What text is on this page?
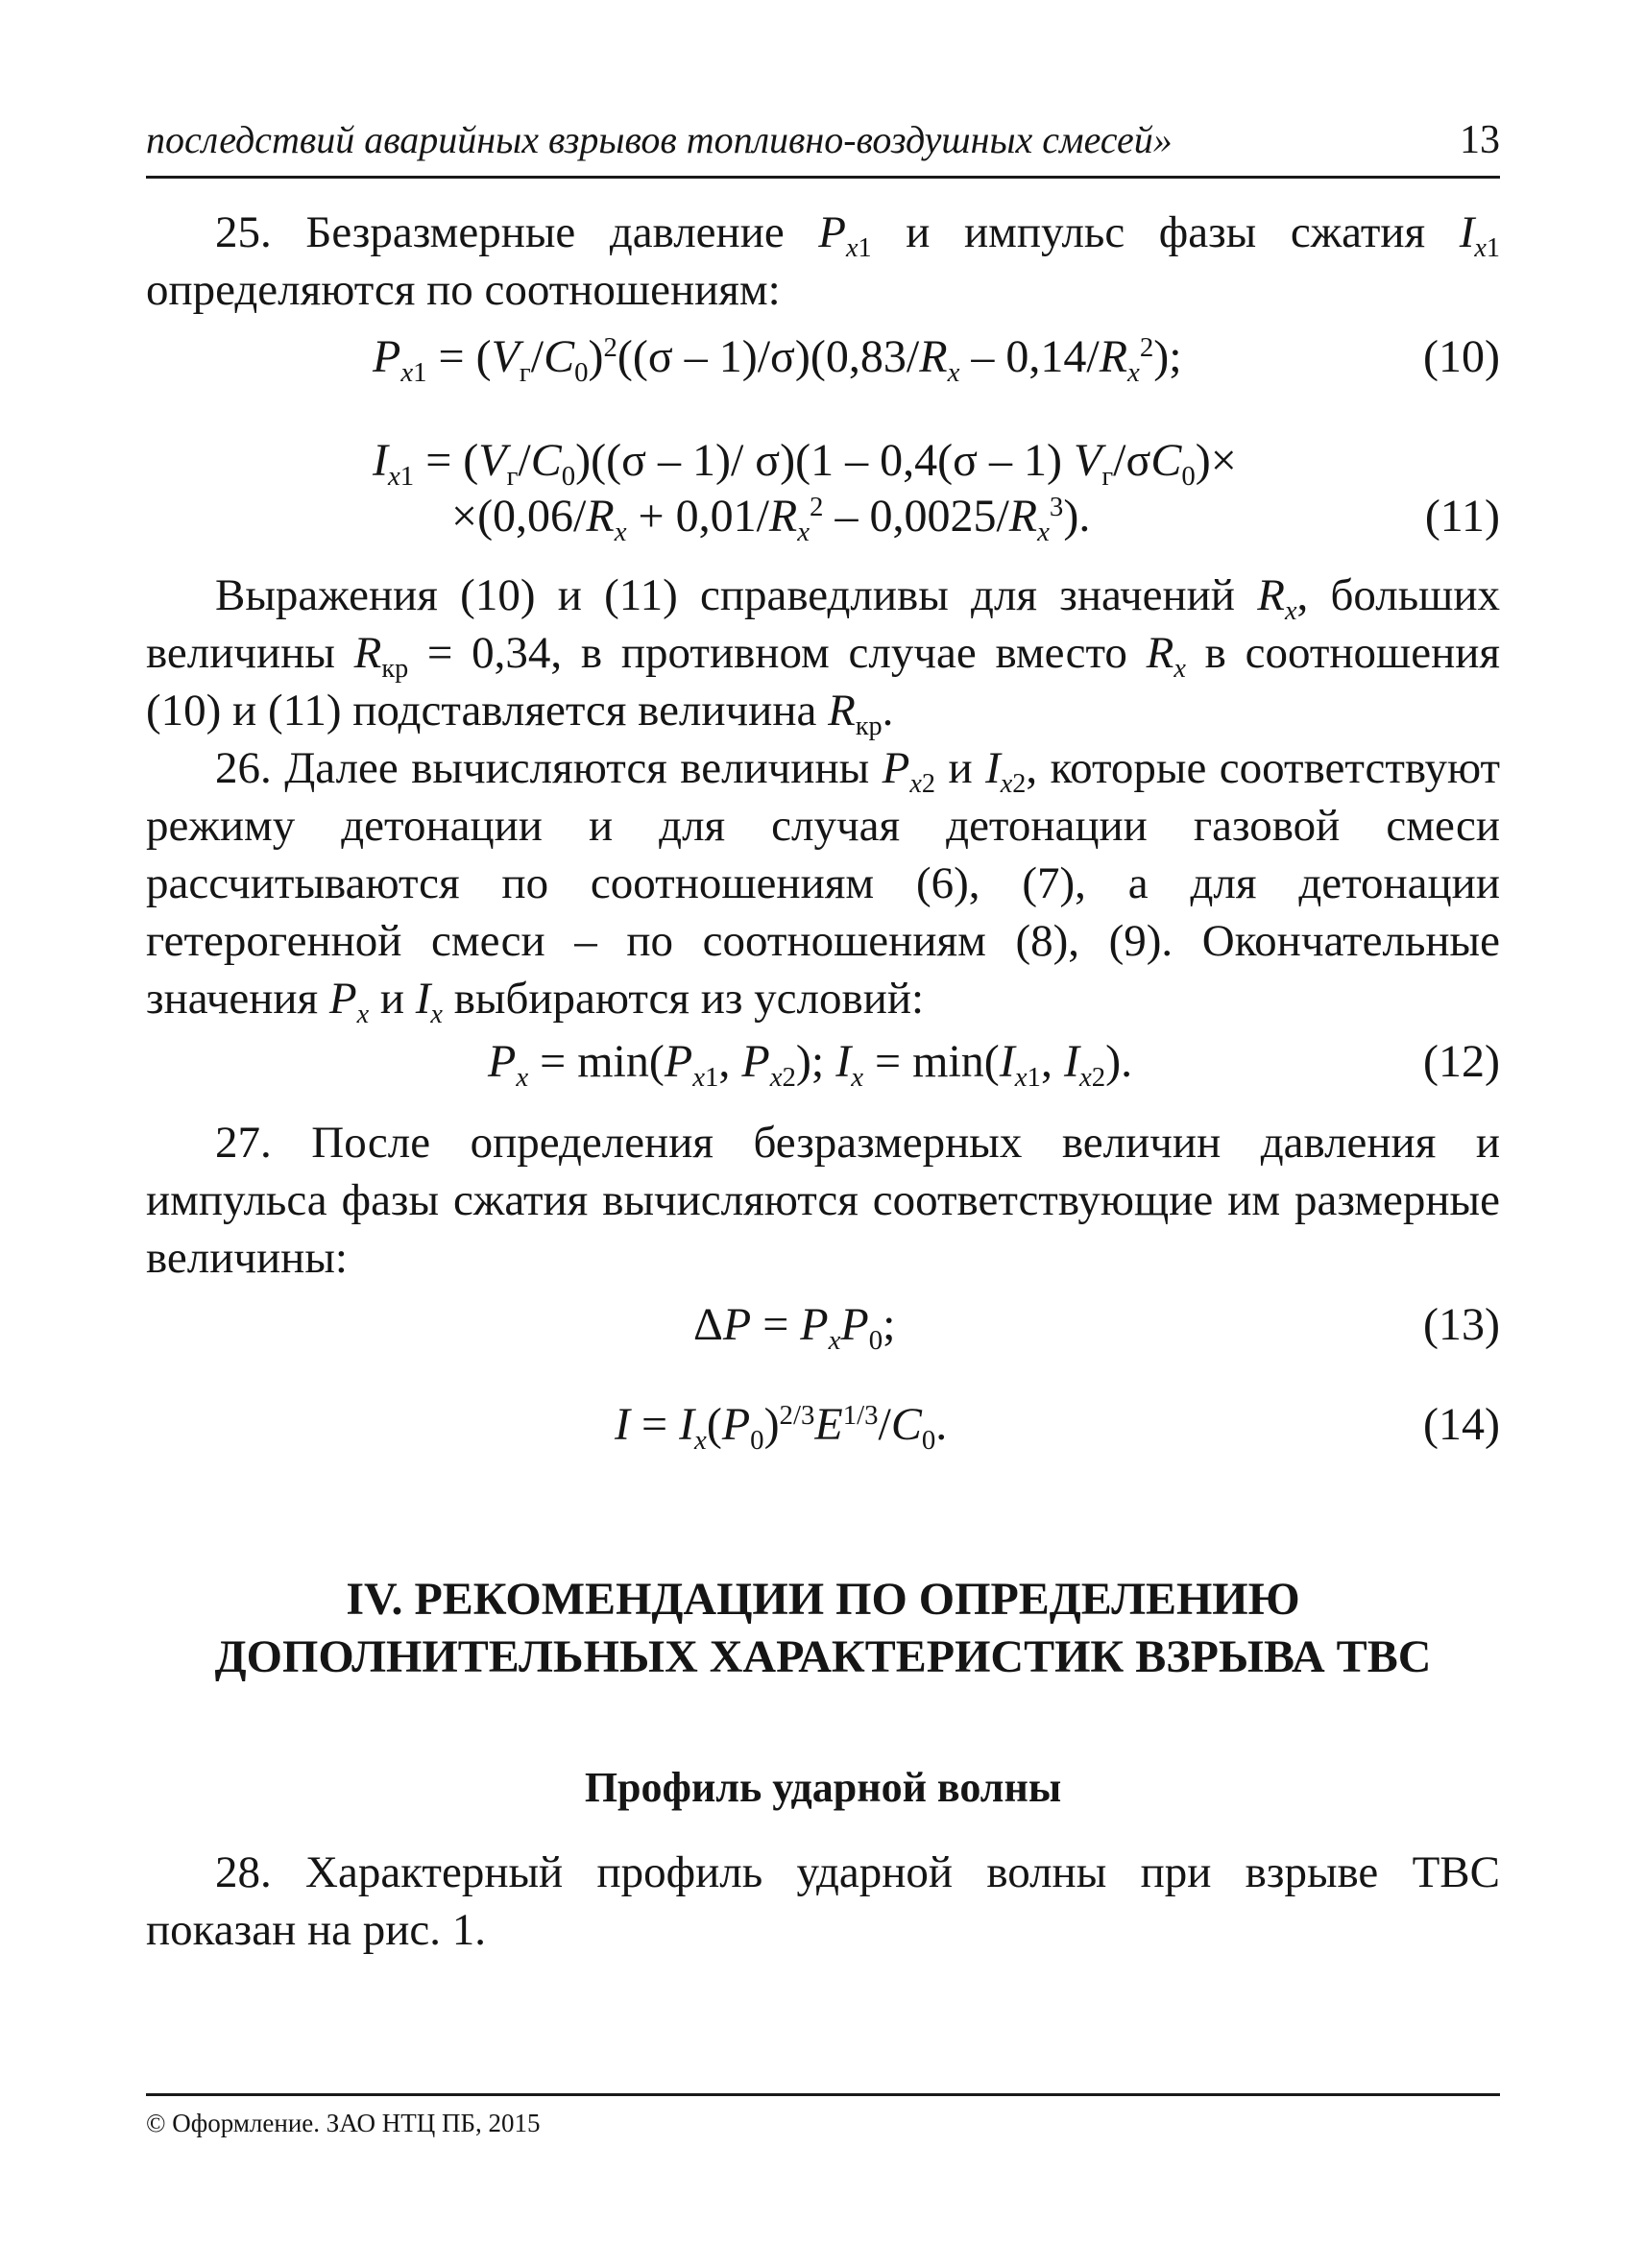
последствий аварийных взрывов топливно-воздушных смесей»	13

25. Безразмерные давление $P_{x1}$ и импульс фазы сжатия $I_{x1}$ определяются по соотношениям:

$P_{x1} = (V_г/C_0)^2((\sigma - 1)/\sigma)(0,83/R_x - 0,14/R_x^2)$;	(10)
$I_{x1} = (V_г/C_0)((\sigma - 1)/$ σ)(1 – 0,4(σ – 1) $V_г/\sigma C_0)\times$
$\times(0,06/R_x + 0,01/R_x^2 - 0,0025/R_x^3)$.	(11)

Выражения (10) и (11) справедливы для значений $R_x$, больших величины $R_{кр} = 0,34$, в противном случае вместо $R_x$ в соотношения (10) и (11) подставляется величина $R_{кр}$.

26. Далее вычисляются величины $P_{x2}$ и $I_{x2}$, которые соответствуют режиму детонации и для случая детонации газовой смеси рассчитываются по соотношениям (6), (7), а для детонации гетерогенной смеси – по соотношениям (8), (9). Окончательные значения $P_x$ и $I_x$ выбираются из условий:

$P_x = \min(P_{x1}$, $P_{x2}$); $I_x = \min(I_{x1}$, $I_{x2}$).	(12)

27. После определения безразмерных величин давления и импульса фазы сжатия вычисляются соответствующие им размерные величины:

$\Delta P = P_xP_0$;	(13)
$I = I_x(P_0)^{2/3}E^{1/3}/C_0$.	(14)
IV. РЕКОМЕНДАЦИИ ПО ОПРЕДЕЛЕНИЮ
ДОПОЛНИТЕЛЬНЫХ ХАРАКТЕРИСТИК ВЗРЫВА ТВС
Профиль ударной волны

28. Характерный профиль ударной волны при взрыве ТВС показан на рис. 1.

© Оформление. ЗАО НТЦ ПБ, 2015
